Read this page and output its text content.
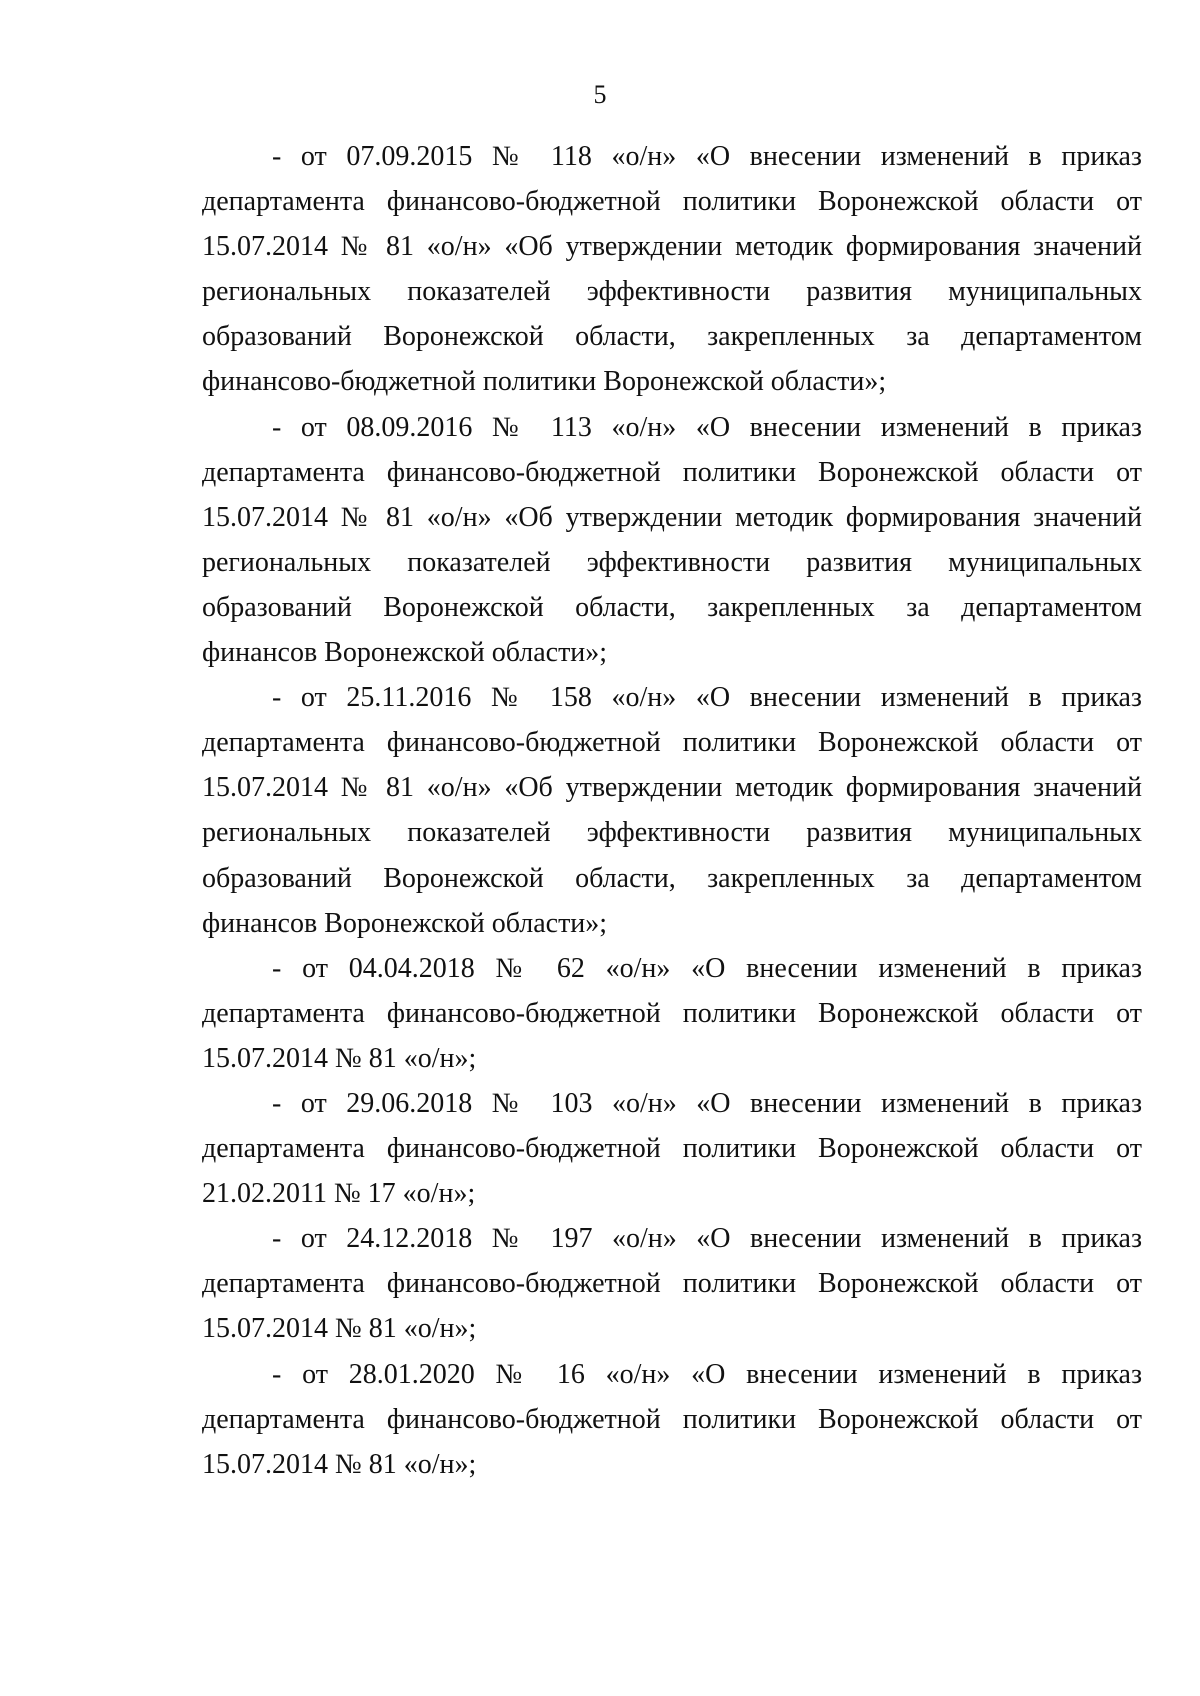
5

- от 07.09.2015 № 118 «о/н» «О внесении изменений в приказ департамента финансово-бюджетной политики Воронежской области от 15.07.2014 № 81 «о/н» «Об утверждении методик формирования значений региональных показателей эффективности развития муниципальных образований Воронежской области, закрепленных за департаментом финансово-бюджетной политики Воронежской области»;

- от 08.09.2016 № 113 «о/н» «О внесении изменений в приказ департамента финансово-бюджетной политики Воронежской области от 15.07.2014 № 81 «о/н» «Об утверждении методик формирования значений региональных показателей эффективности развития муниципальных образований Воронежской области, закрепленных за департаментом финансов Воронежской области»;

- от 25.11.2016 № 158 «о/н» «О внесении изменений в приказ департамента финансово-бюджетной политики Воронежской области от 15.07.2014 № 81 «о/н» «Об утверждении методик формирования значений региональных показателей эффективности развития муниципальных образований Воронежской области, закрепленных за департаментом финансов Воронежской области»;

- от 04.04.2018 № 62 «о/н» «О внесении изменений в приказ департамента финансово-бюджетной политики Воронежской области от 15.07.2014 № 81 «о/н»;

- от 29.06.2018 № 103 «о/н» «О внесении изменений в приказ департамента финансово-бюджетной политики Воронежской области от 21.02.2011 № 17 «о/н»;

- от 24.12.2018 № 197 «о/н» «О внесении изменений в приказ департамента финансово-бюджетной политики Воронежской области от 15.07.2014 № 81 «о/н»;

- от 28.01.2020 № 16 «о/н» «О внесении изменений в приказ департамента финансово-бюджетной политики Воронежской области от 15.07.2014 № 81 «о/н»;
